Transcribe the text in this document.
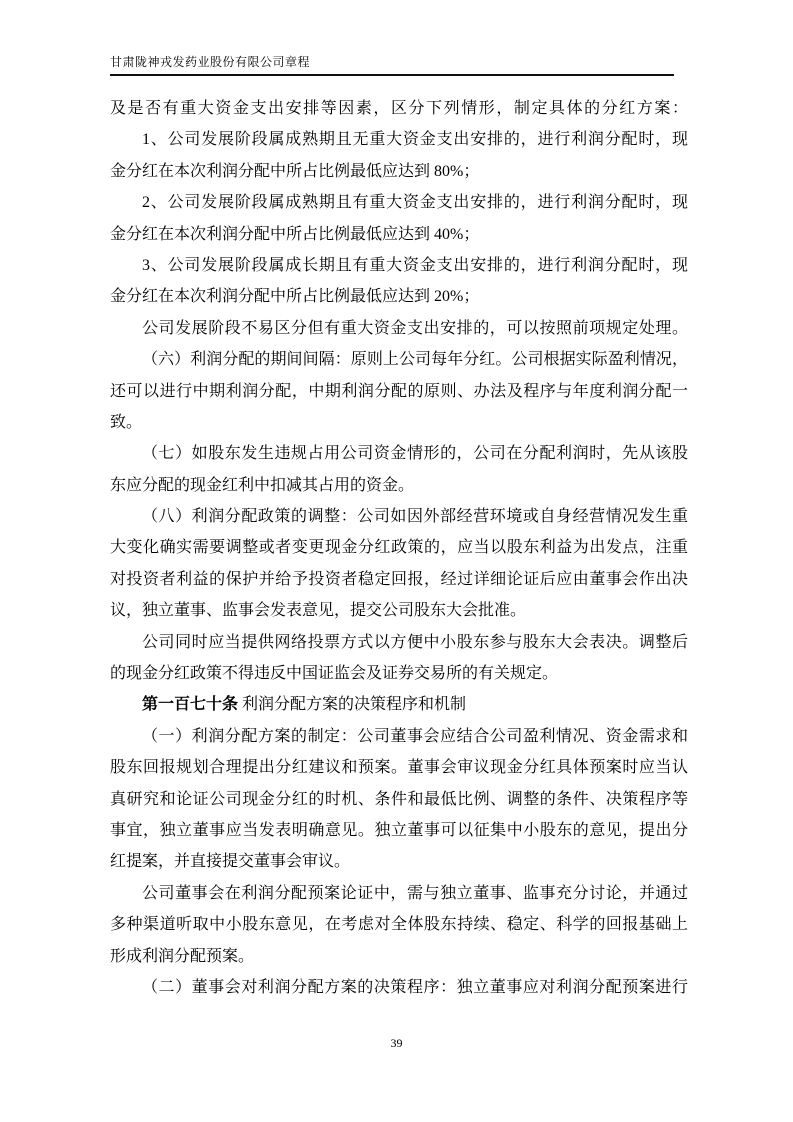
甘肃陇神戎发药业股份有限公司章程
及是否有重大资金支出安排等因素，区分下列情形，制定具体的分红方案：
1、公司发展阶段属成熟期且无重大资金支出安排的，进行利润分配时，现
金分红在本次利润分配中所占比例最低应达到 80%；
2、公司发展阶段属成熟期且有重大资金支出安排的，进行利润分配时，现
金分红在本次利润分配中所占比例最低应达到 40%；
3、公司发展阶段属成长期且有重大资金支出安排的，进行利润分配时，现
金分红在本次利润分配中所占比例最低应达到 20%；
公司发展阶段不易区分但有重大资金支出安排的，可以按照前项规定处理。
（六）利润分配的期间间隔：原则上公司每年分红。公司根据实际盈利情况，
还可以进行中期利润分配，中期利润分配的原则、办法及程序与年度利润分配一
致。
（七）如股东发生违规占用公司资金情形的，公司在分配利润时，先从该股
东应分配的现金红利中扣减其占用的资金。
（八）利润分配政策的调整：公司如因外部经营环境或自身经营情况发生重
大变化确实需要调整或者变更现金分红政策的，应当以股东利益为出发点，注重
对投资者利益的保护并给予投资者稳定回报，经过详细论证后应由董事会作出决
议，独立董事、监事会发表意见，提交公司股东大会批准。
公司同时应当提供网络投票方式以方便中小股东参与股东大会表决。调整后
的现金分红政策不得违反中国证监会及证券交易所的有关规定。
第一百七十条 利润分配方案的决策程序和机制
（一）利润分配方案的制定：公司董事会应结合公司盈利情况、资金需求和
股东回报规划合理提出分红建议和预案。董事会审议现金分红具体预案时应当认
真研究和论证公司现金分红的时机、条件和最低比例、调整的条件、决策程序等
事宜，独立董事应当发表明确意见。独立董事可以征集中小股东的意见，提出分
红提案，并直接提交董事会审议。
公司董事会在利润分配预案论证中，需与独立董事、监事充分讨论，并通过
多种渠道听取中小股东意见，在考虑对全体股东持续、稳定、科学的回报基础上
形成利润分配预案。
（二）董事会对利润分配方案的决策程序：独立董事应对利润分配预案进行
39
